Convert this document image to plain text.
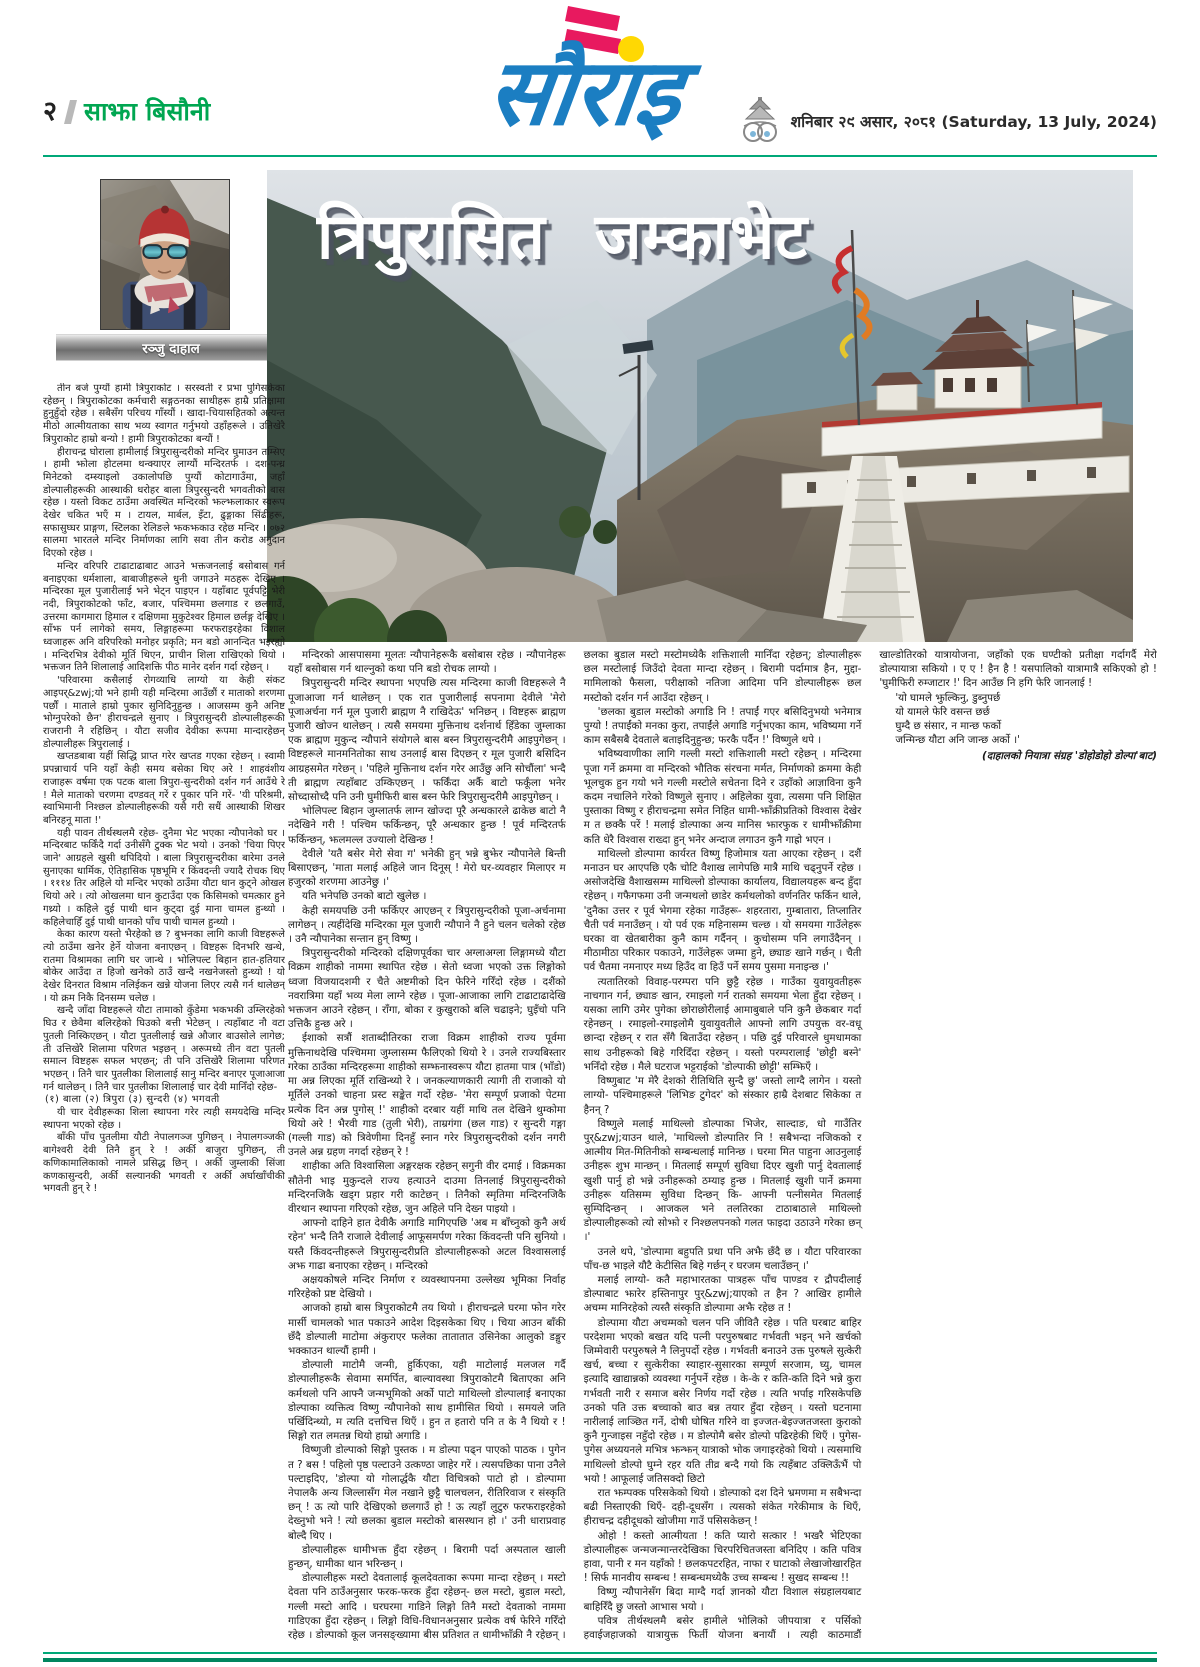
२ साझा बिसौनी	सौराइ	शनिबार २९ असार, २०८१ (Saturday, 13 July, 2024)
रञ्जु दाहाल
त्रिपुरासित जम्काभेट

तीन बजे पुग्यौं हामी त्रिपुराकोट । सरस्वती र प्रभा पुगिसकेका रहेछन् । त्रिपुराकोटका कर्मचारी सङ्गठनका साथीहरू हाम्रै प्रतिक्षामा हुनुहुँदो रहेछ । सबैसँग परिचय गाँस्यौं । खादा-चियासहितको अत्यन्त मीठो आत्मीयताका साथ भव्य स्वागत गर्नुभयो उहाँहरूले । उतिखेरै त्रिपुराकोट हाम्रो बन्यो ! हामी त्रिपुराकोटका बन्यौं !

हीराचन्द्र घोराला हामीलाई त्रिपुरासुन्दरीको मन्दिर घुमाउन तम्सिए । हामी झोला होटलमा थन्क्याएर लाग्यौं मन्दिरतर्फ । दश-पन्ध्र मिनेटको दम्स्याइलो उकालोपछि पुग्यौं कोटागाउँमा, जहाँ डोल्पालीहरूकी आस्थाकी धरोहर बाला त्रिपुरसुन्दरी भगवतीको बास रहेछ । यस्तो विकट ठाउँमा अवस्थित मन्दिरको झल्झलाकार स्वरूप देखेर चकित भएँ म । टायल, मार्बल, इँटा, ढुङ्गाका सिंढीहरू, सफासुघ्घर प्राङ्गण, स्टिलका रेलिङले झकझकाउ रहेछ मन्दिर । ०७२ सालमा भारतले मन्दिर निर्माणका लागि सवा तीन करोड अनुदान दिएको रहेछ ।

मन्दिर वरिपरि टाढाटाढाबाट आउने भक्तजनलाई बसोबास गर्न बनाइएका धर्मशाला, बाबाजीहरूले धुनी जगाउने मठहरू देखिए । मन्दिरका मूल पुजारीलाई भने भेट्न पाइएन । यहाँबाट पूर्वपट्टि भेरी नदी, त्रिपुराकोटको फाँट, बजार, पश्चिममा छलगाड र छलगाउँ, उत्तरमा कागमारा हिमाल र दक्षिणमा मुकुटेश्वर हिमाल छर्लङ्ग देखिए । साँझ पर्न लागेको समय, लिङ्गाहरूमा फरफराइरहेका विशाल ध्वजाहरू अनि वरिपरिको मनोहर प्रकृति; मन बडो आनन्दित भइरह्यो । मन्दिरभित्र देवीको मूर्ति थिएन, प्राचीन शिला राखिएको थियो । भक्तजन तिनै शिलालाई आदिशक्ति पीठ मानेर दर्शन गर्दा रहेछन् ।

'परिवारमा कसैलाई रोगव्याधि लाग्यो या केही संकट आइपर्&zwj;यो भने हामी यही मन्दिरमा आउँछौं र माताको शरणमा पर्छौं । माताले हाम्रो पुकार सुनिदिनुहुन्छ । आजसम्म कुनै अनिष्ट भोग्नुपरेको छैन' हीराचन्द्रले सुनाए । त्रिपुरासुन्दरी डोल्पालीहरूकी राजरानी नै रहिछिन् । यौटा सजीव देवीका रूपमा मान्दारहेछन् डोल्पालीहरू त्रिपुरालाई ।

खप्तडबाबा यहीं सिद्धि प्राप्त गरेर खप्तड गएका रहेछन् । स्वामी प्रपन्नाचार्य पनि यहाँ केही समय बसेका थिए अरे ! शाहवंशीय राजाहरू वर्षमा एक पटक बाला त्रिपुरा-सुन्दरीको दर्शन गर्न आउँथे रे ! मैले माताको चरणमा दण्डवत् गरें र पुकार पनि गरें- 'यी परिश्रमी, स्वाभिमानी निश्छल डोल्पालीहरूकी यसै गरी सधैं आस्थाकी शिखर बनिरहनू माता !'

यही पावन तीर्थस्थलमै रहेछ- दुनैमा भेट भएका न्यौपानेको घर । मन्दिरबाट फर्किंदै गर्दा उनीसँगै टुक्क भेट भयो । उनको 'चिया पिएर जाने' आग्रहले खुसी थपिदियो । बाला त्रिपुरासुन्दरीका बारेमा उनले सुनाएका धार्मिक, ऐतिहासिक पृष्ठभूमि र किंवदन्ती ज्यादै रोचक थिए । १११४ तिर अहिले यो मन्दिर भएको ठाउँमा यौटा धान कुट्ने ओखल थियो अरे । त्यो ओखलमा धान कुटाउँदा एक किसिमको चमत्कार हुने गथ्र्यो । कहिले दुई पाथी धान कुट्दा दुई माना चामल हुन्थ्यो । कहिलेचाहिँ दुई पाथी धानको पाँच पाथी चामल हुन्थ्यो ।

केका कारण यस्तो भैरहेको छ ? बुझ्नका लागि काजी विष्टहरूले त्यो ठाउँमा खनेर हेर्ने योजना बनाएछन् । विष्टहरू दिनभरि खन्थे, रातमा विश्रामका लागि घर जान्थे । भोलिपल्ट बिहान हात-हतियार बोकेर आउँदा त हिजो खनेको ठाउँ खन्दै नखनेजस्तो हुन्थ्यो ! यो देखेर दिनरात विश्राम नलिईकन खन्ने योजना लिएर त्यसै गर्न थालेछन् । यो क्रम निकै दिनसम्म चलेछ ।

खन्दै जाँदा विष्टहरूले यौटा तामाको कुँडेमा भकभकी उम्लिरहेको घिउ र छेवैमा बलिरहेको घिउको बत्ती भेटेछन् । त्यहाँबाट नौ वटा पुतली निस्किएछन् । यौटा पुतलीलाई खन्ने औजार बाउसोले लागेछ; ती उत्तिखेरै शिलामा परिणत भइछन् । अरूमध्ये तीन वटा पुतली समात्न विष्टहरू सफल भएछन्; ती पनि उत्तिखेरै शिलामा परिणत भएछन् । तिनै चार पुतलीका शिलालाई सानु मन्दिर बनाएर पूजाआजा गर्न थालेछन् । तिनै चार पुतलीका शिलालाई चार देवी मानिँदो रहेछ-

(१) बाला (२) त्रिपुरा (३) सुन्दरी (४) भगवती

यी चार देवीहरूका शिला स्थापना गरेर त्यही समयदेखि मन्दिर स्थापना भएको रहेछ ।

बाँकी पाँच पुतलीमा यौटी नेपालगञ्ज पुगिछन् । नेपालगञ्जकी बागेश्वरी देवी तिनै हुन् रे ! अर्की बाजुरा पुगिछन्, ती कणिकामालिकाको नामले प्रसिद्ध छिन् । अर्की जुम्लाकी सिंजा कणकासुन्दरी, अर्की सल्यानकी भगवती र अर्की अर्घाखाँचीकी भगवती हुन् रे !

मन्दिरको आसपासमा मूलतः न्यौपानेहरूकै बसोबास रहेछ । न्यौपानेहरू यहाँ बसोबास गर्न थाल्नुको कथा पनि बडो रोचक लाग्यो ।

त्रिपुरासुन्दरी मन्दिर स्थापना भएपछि त्यस मन्दिरमा काजी विष्टहरूले नै पूजाआजा गर्न थालेछन् । एक रात पुजारीलाई सपनामा देवीले 'मेरो पूजाअर्चना गर्न मूल पुजारी ब्राह्मण नै राखिदेऊ' भनिछन् । विष्टहरू ब्राह्मण पुजारी खोज्न थालेछन् । त्यसै समयमा मुक्तिनाथ दर्शनार्थ हिँडेका जुम्लाका एक ब्राह्मण मुकुन्द न्यौपाने संयोगले बास बस्न त्रिपुरासुन्दरीमै आइपुगेछन् । विष्टहरूले मानमनितोका साथ उनलाई बास दिएछन् र मूल पुजारी बसिदिन आग्रहसमेत गरेछन् । 'पहिले मुक्तिनाथ दर्शन गरेर आउँछु अनि सोचौंला' भन्दै ती ब्राह्मण त्यहाँबाट उम्किएछन् । फर्किंदा अर्कै बाटो फर्कूंला भनेर सोच्दासोच्दै पनि उनी घुमीफिरी बास बस्न फेरि त्रिपुरासुन्दरीमै आइपुगेछन् ।

भोलिपल्ट बिहान जुम्लातर्फ लाग्न खोज्दा पूरै अन्धकारले ढाकेछ बाटो नै नदेखिने गरी ! पश्चिम फर्किन्छन्, पूरै अन्धकार हुन्छ ! पूर्व मन्दिरतर्फ फर्किन्छन्, झलमल्ल उज्यालो देखिन्छ !

देवीले 'यतै बसेर मेरो सेवा ग' भनेकी हुन् भन्ने बुझेर न्यौपानेले बिन्ती बिसाएछन्, 'माता मलाई अहिले जान दिनूस् ! मेरो घर-व्यवहार मिलाएर म हजुरको शरणमा आउनेछु ।'

यति भनेपछि उनको बाटो खुलेछ ।

केही समयपछि उनी फर्किएर आएछन् र त्रिपुरासुन्दरीको पूजा-अर्चनामा लागेछन् । त्यहींदेखि मन्दिरका मूल पुजारी न्यौपाने नै हुने चलन चलेको रहेछ । उनै न्यौपानेका सन्तान हुन् विष्णु ।

त्रिपुरासुन्दरीको मन्दिरको दक्षिणपूर्वका चार अग्लाअग्ला लिङ्गामध्ये यौटा विक्रम शाहीको नाममा स्थापित रहेछ । सेतो ध्वजा भएको उक्त लिङ्गोको ध्वजा विजयादशमी र चैते अष्टमीको दिन फेरिने गरिँदो रहेछ । दशैंको नवरात्रिमा यहाँ भव्य मेला लाग्ने रहेछ । पूजा-आजाका लागि टाढाटाढादेखि भक्तजन आउने रहेछन् । राँगा, बोका र कुखुराको बलि चढाइने; घुइँचो पनि उत्तिकै हुन्छ अरे ।

ईशाको सत्रौं शताब्दीतिरका राजा विक्रम शाहीको राज्य पूर्वमा मुक्तिनाथदेखि पश्चिममा जुम्लासम्म फैलिएको थियो रे । उनले राज्यबिस्तार गरेका ठाउँका मन्दिरहरूमा शाहीको सम्झनास्वरूप यौटा हातमा पात्र (भाँडो) मा अन्न लिएका मूर्ति राखिन्थ्यो रे । जनकल्याणकारी त्यागी ती राजाको यो मूर्तिले उनको चाहना प्रस्ट सङ्केत गर्दो रहेछ- 'मेरा सम्पूर्ण प्रजाको पेटमा प्रत्येक दिन अन्न पुगोस् !' शाहीको दरबार यहीं माथि तल देखिने थुम्कोमा थियो अरे ! भैरवी गाड (तुली भेरी), ताम्रगंगा (छल गाड) र सुन्दरी गङ्गा (गल्ली गाड) को त्रिवेणीमा दिनहुँ स्नान गरेर त्रिपुरासुन्दरीको दर्शन नगरी उनले अन्न ग्रहण नगर्दा रहेछन् रे !

शाहीका अति विश्वासिला अङ्गरक्षक रहेछन् सगुनी वीर दमाई । विक्रमका सौतेनी भाइ मुकुन्दले राज्य हत्याउने दाउमा तिनलाई त्रिपुरासुन्दरीको मन्दिरनजिकै खड्ग प्रहार गरी काटेछन् । तिनैको स्मृतिमा मन्दिरनजिकै वीरथान स्थापना गरिएको रहेछ, जुन अहिले पनि देख्न पाइयो ।

आफ्नो दाहिने हात देवीकै अगाडि मागिएपछि 'अब म बाँच्नुको कुनै अर्थ रहेन' भन्दै तिनै राजाले देवीलाई आफूसमर्पण गरेका किंवदन्ती पनि सुनियो । यस्तै किंवदन्तीहरूले त्रिपुरासुन्दरीप्रति डोल्पालीहरूको अटल विश्वासलाई अझ गाढा बनाएका रहेछन् । मन्दिरको

अक्षयकोषले मन्दिर निर्माण र व्यवस्थापनमा उल्लेख्य भूमिका निर्वाह गरिरहेको प्रष्ट देखियो ।

आजको हाम्रो बास त्रिपुराकोटमै तय थियो । हीराचन्द्रले घरमा फोन गरेर मार्सी चामलको भात पकाउने आदेश दिइसकेका थिए । चिया आउन बाँकी छँदै डोल्पाली माटोमा अंकुराएर फलेका तातातात उसिनेका आलुको डङ्गुर भक्काउन थाल्यौं हामी ।

डोल्पाली माटोमै जन्मी, हुर्किएका, यही माटोलाई मलजल गर्दै डोल्पालीहरूकै सेवामा समर्पित, बाल्यावस्था त्रिपुराकोटमै बिताएका अनि कर्मथलो पनि आफ्नै जन्मभूमिको अर्को पाटो माथिल्लो डोल्पालाई बनाएका डोल्पाका व्यक्तित्व विष्णु न्यौपानेको साथ हामीसित थियो । समयले जति पर्खिदिन्थ्यो, म त्यति दत्तचित्त थिएँ । हुन त हतारो पनि त के नै थियो र ! सिङ्गो रात लमतन्न थियो हाम्रो अगाडि ।

विष्णुजी डोल्पाको सिङ्गो पुस्तक । म डोल्पा पढ्न पाएको पाठक । पुगेन त ? बस ! पहिलो पृष्ठ पल्टाउने उत्कण्ठा जाहेर गरें । त्यसपछिका पाना उनैले पल्टाइदिए, 'डोल्पा यो गोलार्द्धकै यौटा विचित्रको पाटो हो । डोल्पामा नेपालकै अन्य जिल्लासँग मेल नखाने छुट्टै चालचलन, रीतिरिवाज र संस्कृति छन् ! ऊ त्यो पारि देखिएको छलगाउँ हो ! ऊ त्यहाँ लुटुरु फरफराइरहेको देख्नुभो भने ! त्यो छलका बुडाल मस्टोको बासस्थान हो ।' उनी धाराप्रवाह बोल्दै थिए ।

डोल्पालीहरू धामीभक्त हुँदा रहेछन् । बिरामी पर्दा अस्पताल खाली हुन्छन्, धामीका थान भरिन्छन् ।

डोल्पालीहरू मस्टो देवतालाई कूलदेवताका रूपमा मान्दा रहेछन् । मस्टो देवता पनि ठाउँअनुसार फरक-फरक हुँदा रहेछन्- छल मस्टो, बुडाल मस्टो, गल्ली मस्टो आदि । घरघरमा गाडिने लिङ्गो तिनै मस्टो देवताको नाममा गाडिएका हुँदा रहेछन् । लिङ्गो विधि-विधानअनुसार प्रत्येक वर्ष फेरिने गरिँदो रहेछ । डोल्पाको कूल जनसङ्ख्यामा बीस प्रतिशत त धामीझाँक्री नै रहेछन् । छलका बुडाल मस्टो मस्टोमध्येकै शक्तिशाली मानिँदा रहेछन्; डोल्पालीहरू छल मस्टोलाई जिउँदो देवता मान्दा रहेछन् । बिरामी पर्दामात्र हैन, मुद्दा-मामिलाको फैसला, परीक्षाको नतिजा आदिमा पनि डोल्पालीहरू छल मस्टोको दर्शन गर्न आउँदा रहेछन् ।

'छलका बुडाल मस्टोको अगाडि नि ! तपाईं गएर बसिदिनुभयो भनेमात्र पुग्यो ! तपाईंको मनका कुरा, तपाईंले अगाडि गर्नुभएका काम, भविष्यमा गर्ने काम सबैसबै देवताले बताइदिनुहुन्छ; फरकै पर्दैन !' विष्णुले थपे ।

भविष्यवाणीका लागि गल्ली मस्टो शक्तिशाली मस्टो रहेछन् । मन्दिरमा पूजा गर्ने क्रममा वा मन्दिरको भौतिक संरचना मर्मत, निर्माणको क्रममा केही भूलचुक हुन गयो भने गल्ली मस्टोले सचेतना दिने र उहाँको आज्ञाविना कुनै कदम नचालिने गरेको विष्णुले सुनाए । अहिलेका युवा, त्यसमा पनि शिक्षित पुस्ताका विष्णु र हीराचन्द्रमा समेत निहित धामी-झाँक्रीप्रतिको विश्वास देखेर म त छक्कै परें ! मलाई डोल्पाका अन्य मानिस झारफुक र धामीझाँक्रीमा कति धेरै विश्वास राख्दा हुन् भनेर अन्दाज लगाउन कुनै गाह्रो भएन ।

माथिल्लो डोल्पामा कार्यरत विष्णु हिजोमात्र यता आएका रहेछन् । दशैं मनाउन घर आएपछि एकै चोटि वैशाख लागेपछि मात्रै माथि चढ्नुपर्ने रहेछ । असोजदेखि वैशाखसम्म माथिल्लो डोल्पाका कार्यालय, विद्यालयहरू बन्द हुँदा रहेछन् । गफैगफमा उनी जन्मथलो छाडेर कर्मथलोको वर्णनतिर फर्किन थाले, 'दुनैका उत्तर र पूर्व भेगमा रहेका गाउँहरू- शहरतारा, गुम्बातारा, तिप्लातिर चैती पर्व मनाउँछन् । यो पर्व एक महिनासम्म चल्छ । यो समयमा गाउँलेहरू घरका वा खेतबारीका कुनै काम गर्दैनन् । कुचोसम्म पनि लगाउँदैनन् । मीठामीठा परिकार पकाउने, गाउँलेहरू जम्मा हुने, छ्याङ खाने गर्छन् । चैती पर्व चैतमा नमनाएर मध्य हिउँद वा हिउँ पर्ने समय पुसमा मनाइन्छ ।'

त्यतातिरको विवाह-परम्परा पनि छुट्टै रहेछ । गाउँका युवायुवतीहरू नाचगान गर्न, छ्याङ खान, रमाइलो गर्न रातको समयमा भेला हुँदा रहेछन् । यसका लागि उमेर पुगेका छोराछोरीलाई आमाबुबाले पनि कुनै छेकबार गर्दा रहेनछन् । रमाइलो-रमाइलोमै युवायुवतीले आफ्नो लागि उपयुक्त वर-वधू छान्दा रहेछन् र रात सँगै बिताउँदा रहेछन् । पछि दुई परिवारले धुमधामका साथ उनीहरूको बिहे गरिदिँदा रहेछन् । यस्तो परम्परालाई 'छोट्टी बस्ने' भनिँदो रहेछ । मैले घटराज भट्टराईको 'डोल्पाकी छोट्टी' सम्झिएँ ।

विष्णुबाट 'म मेरै देशको रीतिथिति सुन्दै छु' जस्तो लाग्दै लागेन । यस्तो लाग्यो- पश्चिमाहरूले 'लिभिङ टुगेदर' को संस्कार हाम्रै देशबाट सिकेका त हैनन् ?

विष्णुले मलाई माथिल्लो डोल्पाका भिजेर, साल्दाङ, धो गाउँतिर पुर्&zwj;याउन थाले, 'माथिल्लो डोल्पातिर नि ! सबैभन्दा नजिकको र आत्मीय मित-मितिनीको सम्बन्धलाई मानिन्छ । घरमा मित पाहुना आउनुलाई उनीहरू शुभ मान्छन् । मितलाई सम्पूर्ण सुविधा दिएर खुशी पार्नु देवतालाई खुशी पार्नु हो भन्ने उनीहरूको ठम्याइ हुन्छ । मितलाई खुशी पार्ने क्रममा उनीहरू यतिसम्म सुविधा दिन्छन् कि- आफ्नी पत्नीसमेत मितलाई सुम्पिदिन्छन् । आजकल भने तलतिरका टाठाबाठाले माथिल्लो डोल्पालीहरूको त्यो सोझो र निश्छलपनको गलत फाइदा उठाउने गरेका छन् ।'

उनले थपे, 'डोल्पामा बहुपति प्रथा पनि अझै छँदै छ । यौटा परिवारका पाँच-छ भाइले यौटै केटीसित बिहे गर्छन् र घरजम चलाउँछन् ।'

मलाई लाग्यो- कतै महाभारतका पात्रहरू पाँच पाण्डव र द्रौपदीलाई डोल्पाबाट झारेर हस्तिनापुर पुर्&zwj;याएको त हैन ? आखिर हामीले अचम्म मानिरहेको त्यस्तै संस्कृति डोल्पामा अझै रहेछ त !

डोल्पामा यौटा अचम्मको चलन पनि जीवितै रहेछ । पति घरबाट बाहिर परदेशमा भएको बखत यदि पत्नी परपुरुषबाट गर्भवती भइन् भने खर्चको जिम्मेवारी परपुरुषले नै लिनुपर्दो रहेछ । गर्भवती बनाउने उक्त पुरुषले सुत्केरी खर्च, बच्चा र सुत्केरीका स्याहार-सुसारका सम्पूर्ण सरजाम, घ्यु, चामल इत्यादि खाद्यान्नको व्यवस्था गर्नुपर्ने रहेछ । के-के र कति-कति दिने भन्ने कुरा गर्भवती नारी र समाज बसेर निर्णय गर्दो रहेछ । त्यति भर्पाइ गरिसकेपछि उनको पति उक्त बच्चाको बाउ बन्न तयार हुँदा रहेछन् । यस्तो घटनामा नारीलाई लाञ्छित गर्ने, दोषी घोषित गरिने वा इज्जत-बेइज्जतजस्ता कुराको कुनै गुन्जाइस नहुँदो रहेछ । म डोल्पोमै बसेर डोल्पो पढिरहेकी थिएँ । पुगेस-पुगेस अध्ययनले मभित्र झन्झन् यात्राको भोक जगाइरहेको थियो । त्यसमाथि माथिल्लो डोल्पो घुम्ने रहर यति तीव्र बन्दै गयो कि त्यहँबाट उक्लिऊँभैं पो भयो ! आफूलाई जतिसक्दो छिटो

रात झम्पक्क परिसकेको थियो । डोल्पाको दश दिने भ्रमणमा म सबैभन्दा बढी निस्ताएकी थिएँ- दही-दूधसँग । त्यसको संकेत गरेकीमात्र के थिएँ, हीराचन्द्र दहीदूधको खोजीमा गाउँ पसिसकेछन् !

ओहो ! कस्तो आत्मीयता ! कति प्यारो सत्कार ! भखरै भेटिएका डोल्पालीहरू जन्मजन्मान्तरदेखिका चिरपरिचितजस्ता बनिदिए । कति पवित्र हावा, पानी र मन यहाँको ! छलकपटरहित, नाफा र घाटाको लेखाजोखारहित ! सिर्फ मानवीय सम्बन्ध ! सम्बन्धमध्येकै उच्च सम्बन्ध ! सुखद सम्बन्ध !!

विष्णु न्यौपानेसँग बिदा माग्दै गर्दा ज्ञानको यौटा विशाल संग्रहालयबाट बाहिरिँदै छु जस्तो आभास भयो ।

पवित्र तीर्थस्थलमै बसेर हामीले भोलिको जीपयात्रा र पर्सिको हवाईजहाजको यात्रायुक्त फिर्ती योजना बनायौं । त्यही काठमाडौं खाल्डोतिरको यात्रायोजना, जहाँको एक घण्टीको प्रतीक्षा गर्दागर्दै मेरो डोल्पायात्रा सकियो । ए ए ! हैन है ! यसपालिको यात्रामात्रै सकिएको हो ! 'घुमीफिरी रुम्जाटार !' दिन आउँछ नि हगि फेरि जानलाई !

'यो घामले झुल्किनु, डुब्नुपर्छ

यो यामले फेरि वसन्त छर्छ

घुम्दै छ संसार, न मान्छ फर्को

जन्मिन्छ यौटा अनि जान्छ अर्को ।'

(दाहालको नियात्रा संग्रह 'डोहोडोहो डोल्पा'बाट)
